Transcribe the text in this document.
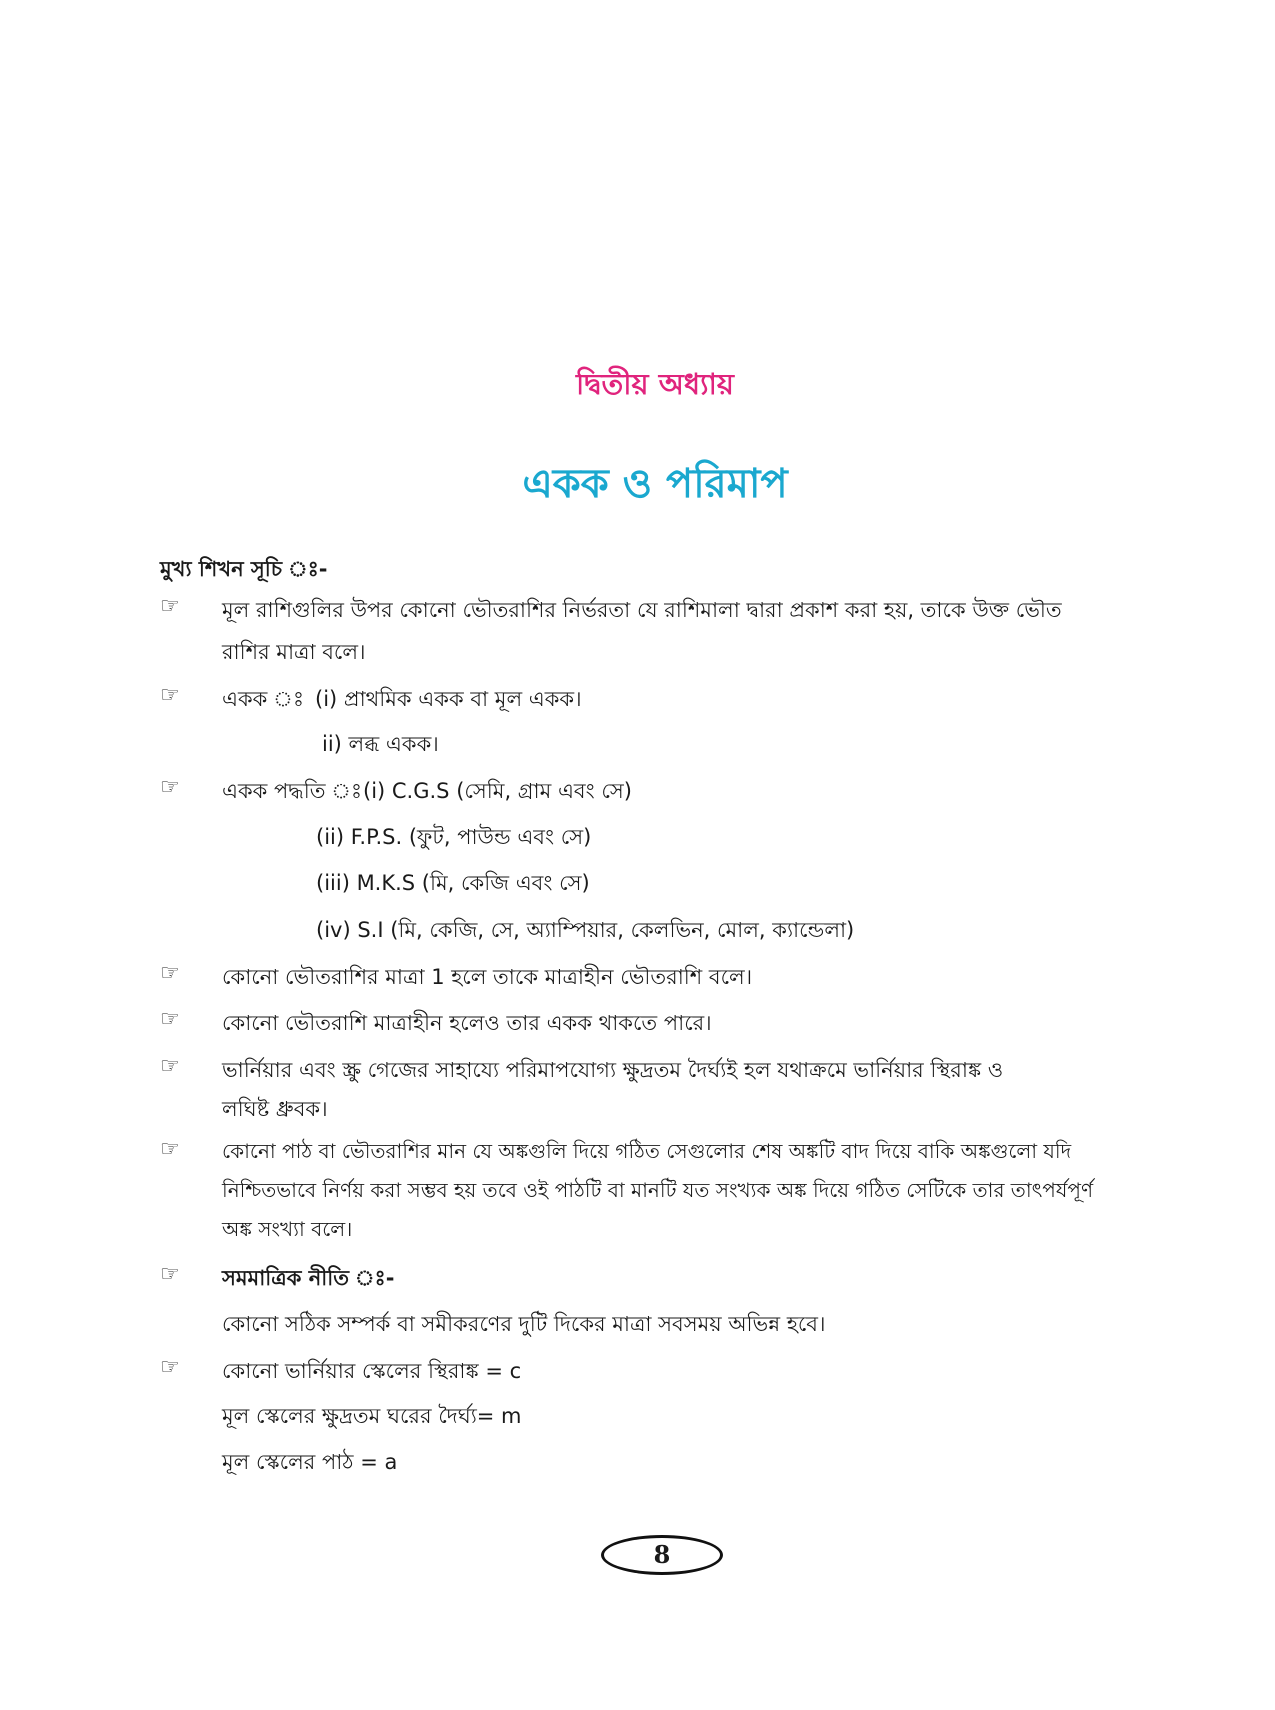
দ্বিতীয় অধ্যায়
একক ও পরিমাপ
মুখ্য শিখন সূচি ঃ-
☞ মূল রাশিগুলির উপর কোনো ভৌতরাশির নির্ভরতা যে রাশিমালা দ্বারা প্রকাশ করা হয়, তাকে উক্ত ভৌত
রাশির মাত্রা বলে।
☞ একক ঃ (i) প্রাথমিক একক বা মূল একক।
ii) লব্ধ একক।
☞ একক পদ্ধতি ঃ (i) C.G.S (সেমি, গ্রাম এবং সে)
(ii) F.P.S. (ফুট, পাউন্ড এবং সে)
(iii) M.K.S (মি, কেজি এবং সে)
(iv) S.I (মি, কেজি, সে, অ্যাম্পিয়ার, কেলভিন, মোল, ক্যান্ডেলা)
☞ কোনো ভৌতরাশির মাত্রা 1 হলে তাকে মাত্রাহীন ভৌতরাশি বলে।
☞ কোনো ভৌতরাশি মাত্রাহীন হলেও তার একক থাকতে পারে।
☞ ভার্নিয়ার এবং স্ক্রু গেজের সাহায্যে পরিমাপযোগ্য ক্ষুদ্রতম দৈর্ঘ্যই হল যথাক্রমে ভার্নিয়ার স্থিরাঙ্ক ও
লঘিষ্ট ধ্রুবক।
☞ কোনো পাঠ বা ভৌতরাশির মান যে অঙ্কগুলি দিয়ে গঠিত সেগুলোর শেষ অঙ্কটি বাদ দিয়ে বাকি অঙ্কগুলো যদি
নিশ্চিতভাবে নির্ণয় করা সম্ভব হয় তবে ওই পাঠটি বা মানটি যত সংখ্যক অঙ্ক দিয়ে গঠিত সেটিকে তার তাৎপর্যপূর্ণ
অঙ্ক সংখ্যা বলে।
☞ সমমাত্রিক নীতি ঃ-
কোনো সঠিক সম্পর্ক বা সমীকরণের দুটি দিকের মাত্রা সবসময় অভিন্ন হবে।
☞ কোনো ভার্নিয়ার স্কেলের স্থিরাঙ্ক = c
মূল স্কেলের ক্ষুদ্রতম ঘরের দৈর্ঘ্য= m
মূল স্কেলের পাঠ = a
8
